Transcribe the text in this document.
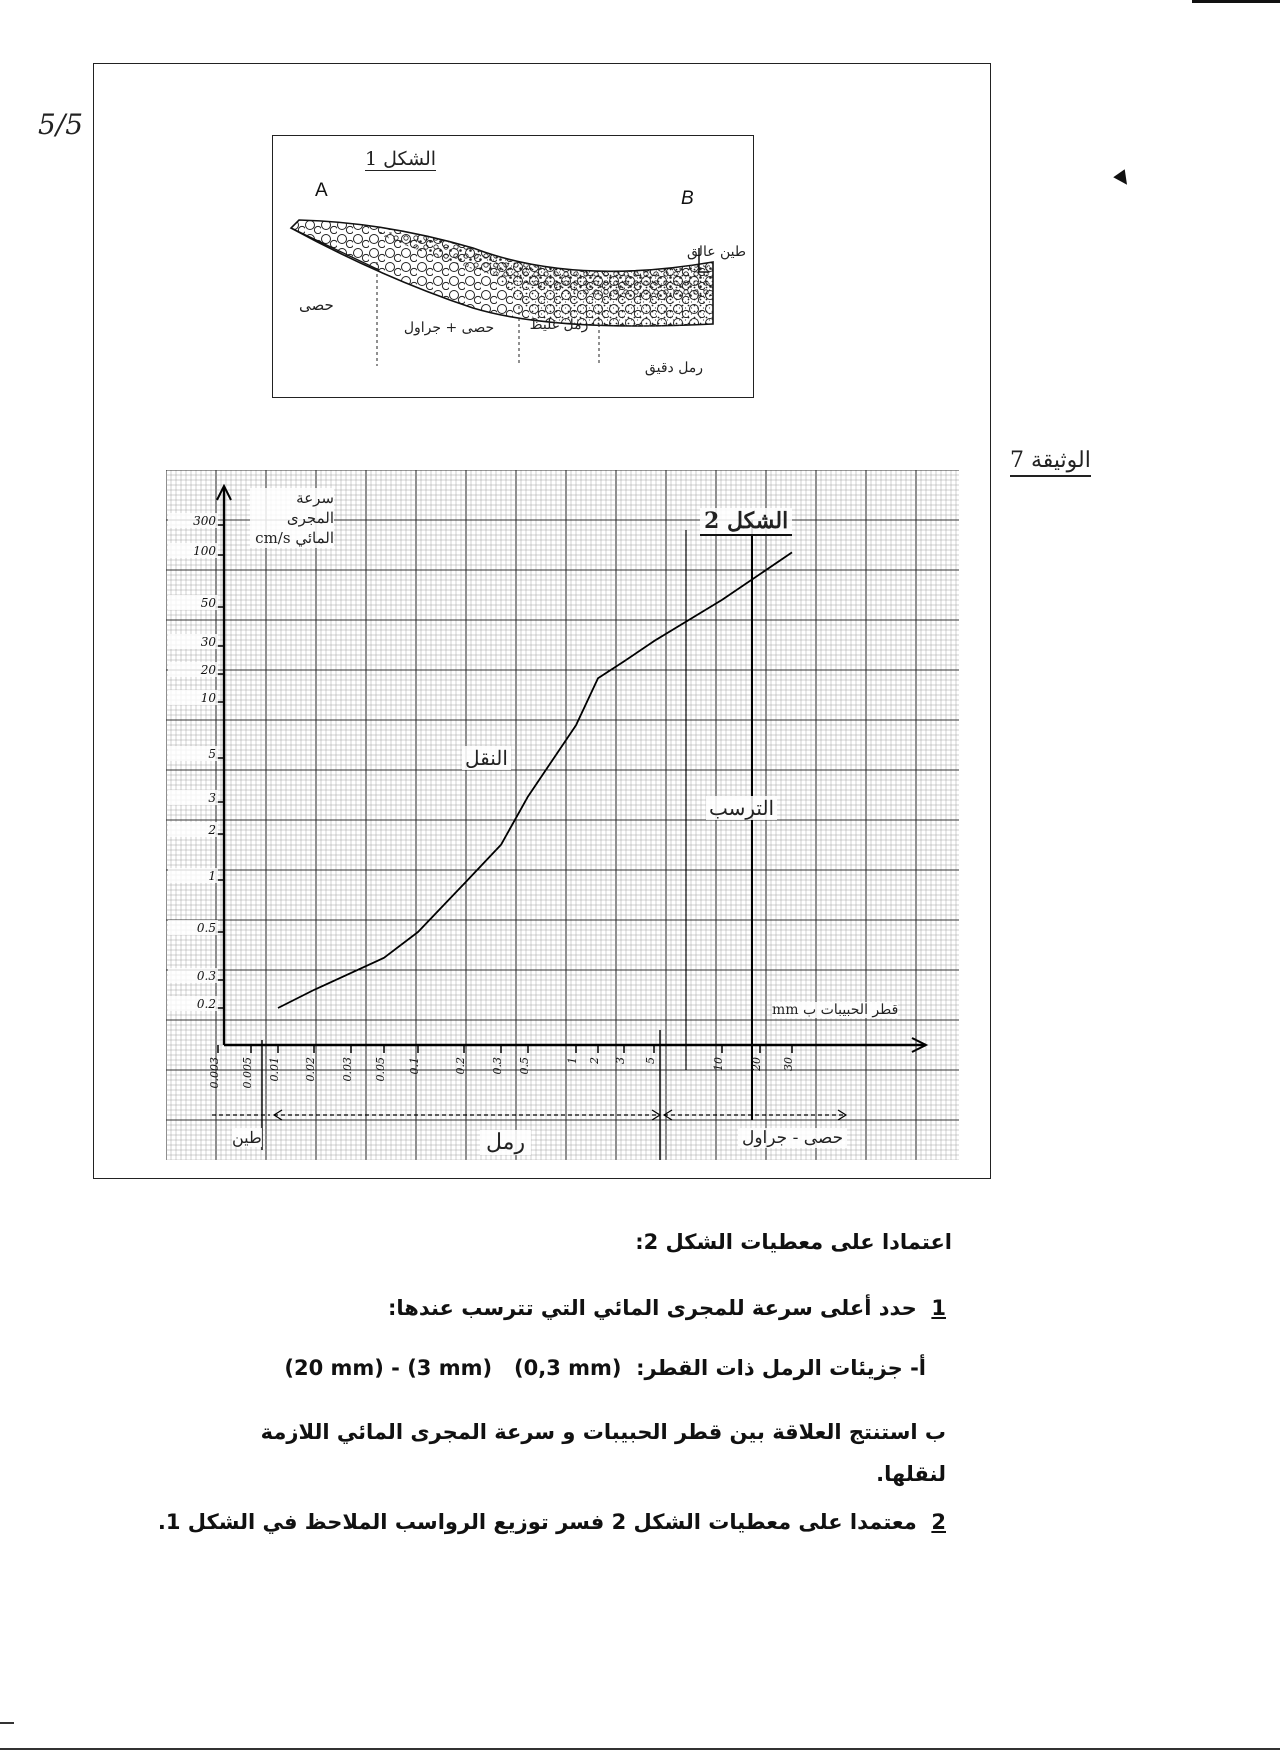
5/5
الوثيقة 7
الشكل 1
A	B
طين عالق
حصى
حصى + جراول	رمل غليظ
رمل دقيق
300
100
50
30
20
10
5
3
2
1
0.5
0.3
0.2
0.003 0.005 0.01 0.02 0.03 0.05 0.1	0.2 0.3 0.5	1 2 3 5	10 20 30
الشكل 2
سرعة المجرى المائي cm/s
قطر الحبيبات ب mm
النقل
الترسب
طين	رمل	حصى - جراول
اعتمادا على معطيات الشكل 2:
1  حدد أعلى سرعة للمجرى المائي التي تترسب عندها:
أ- جزيئات الرمل ذات القطر:  (20 mm) - (3 mm)   (0,3 mm)
ب استنتج العلاقة بين قطر الحبيبات و سرعة المجرى المائي اللازمة
لنقلها.
2  معتمدا على معطيات الشكل 2 فسر توزيع الرواسب الملاحظ في الشكل 1.
